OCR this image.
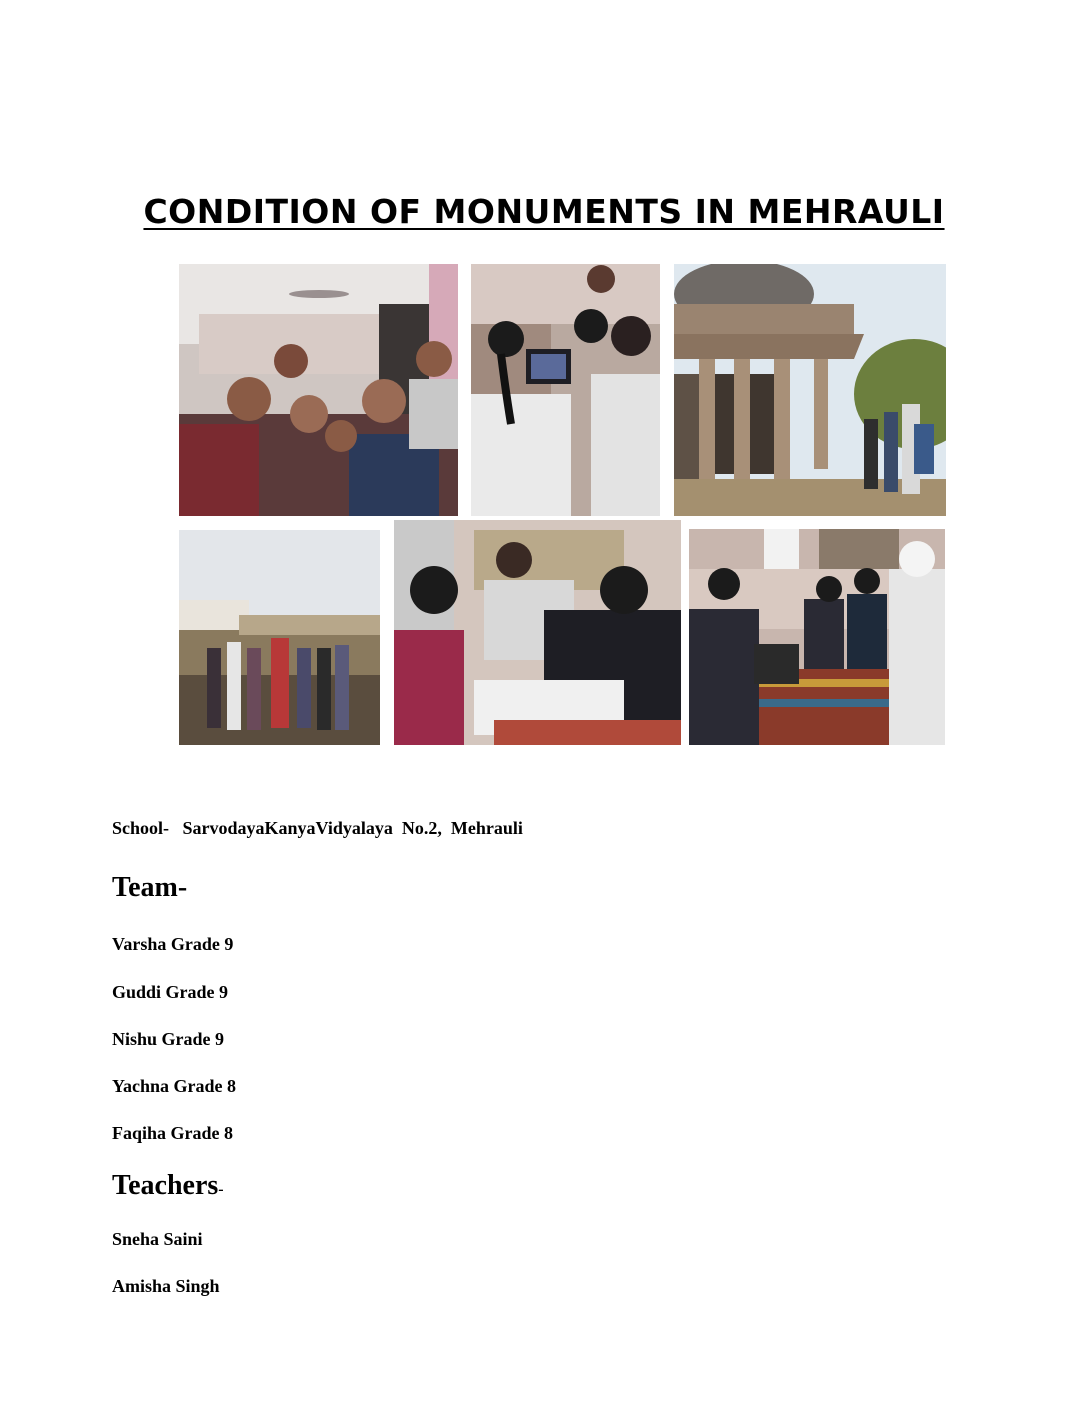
CONDITION OF MONUMENTS IN MEHRAULI
School-   SarvodayaKanyaVidyalaya  No.2,  Mehrauli
Team-
Varsha Grade 9
Guddi Grade 9
Nishu Grade 9
Yachna Grade 8
Faqiha Grade 8
Teachers-
Sneha Saini
Amisha Singh
